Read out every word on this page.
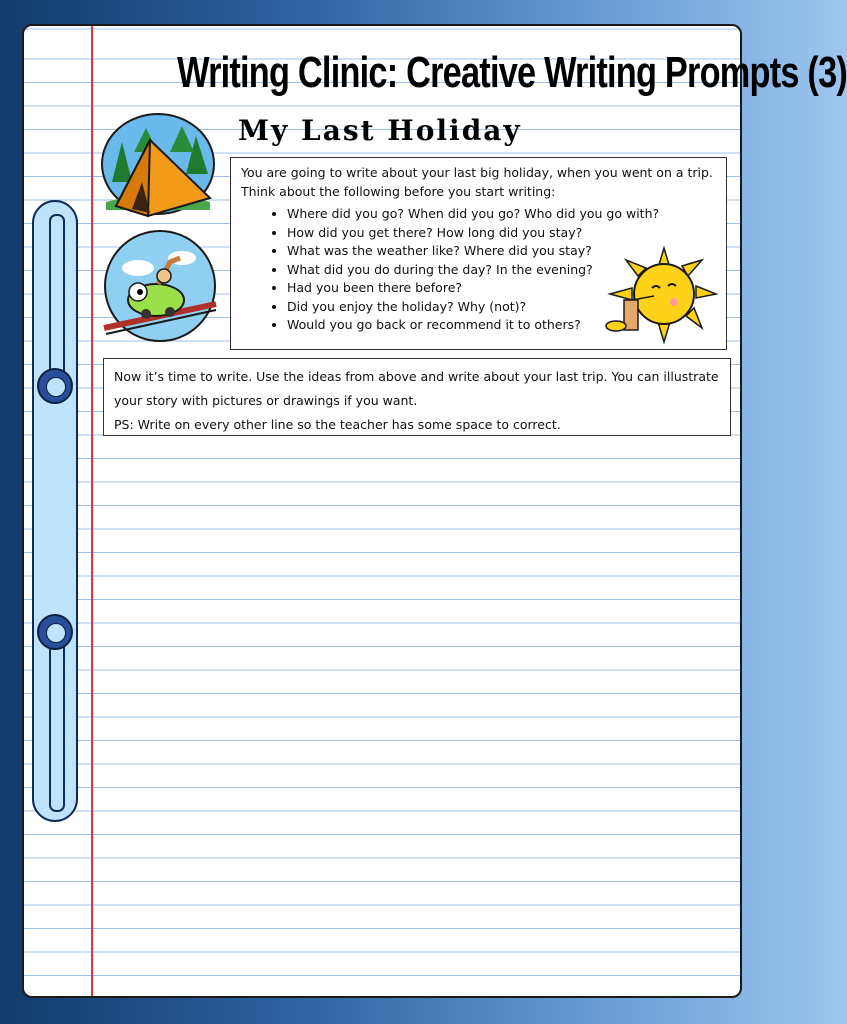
Writing Clinic: Creative Writing Prompts (3)
My Last Holiday

You are going to write about your last big holiday, when you went on a trip. Think about the following before you start writing:

• Where did you go? When did you go? Who did you go with?
• How did you get there? How long did you stay?
• What was the weather like? Where did you stay?
• What did you do during the day? In the evening?
• Had you been there before?
• Did you enjoy the holiday? Why (not)?
• Would you go back or recommend it to others?

Now it’s time to write. Use the ideas from above and write about your last trip. You can illustrate your story with pictures or drawings if you want.

PS: Write on every other line so the teacher has some space to correct.
